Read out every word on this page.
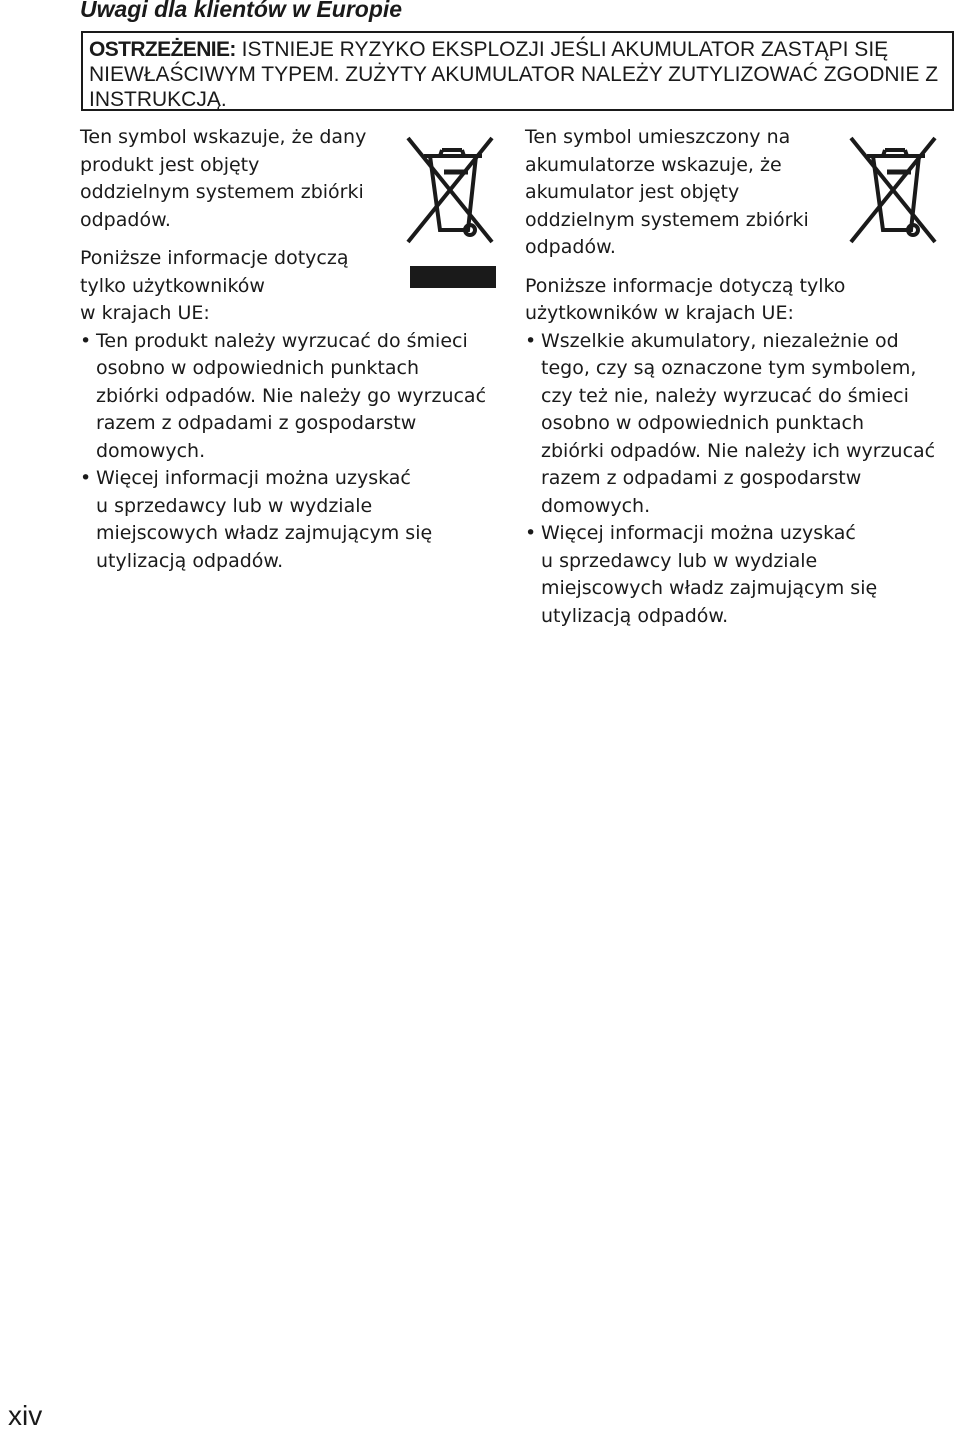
Uwagi dla klientów w Europie
OSTRZEŻENIE: ISTNIEJE RYZYKO EKSPLOZJI JEŚLI AKUMULATOR ZASTĄPI SIĘ NIEWŁAŚCIWYM TYPEM. ZUŻYTY AKUMULATOR NALEŻY ZUTYLIZOWAĆ ZGODNIE Z INSTRUKCJĄ.

Ten symbol wskazuje, że dany
produkt jest objęty
oddzielnym systemem zbiórki
odpadów.

Poniższe informacje dotyczą
tylko użytkowników
w krajach UE:

• Ten produkt należy wyrzucać do śmieci
osobno w odpowiednich punktach
zbiórki odpadów. Nie należy go wyrzucać
razem z odpadami z gospodarstw
domowych.
• Więcej informacji można uzyskać
u sprzedawcy lub w wydziale
miejscowych władz zajmującym się
utylizacją odpadów.

Ten symbol umieszczony na
akumulatorze wskazuje, że
akumulator jest objęty
oddzielnym systemem zbiórki
odpadów.

Poniższe informacje dotyczą tylko
użytkowników w krajach UE:

• Wszelkie akumulatory, niezależnie od
tego, czy są oznaczone tym symbolem,
czy też nie, należy wyrzucać do śmieci
osobno w odpowiednich punktach
zbiórki odpadów. Nie należy ich wyrzucać
razem z odpadami z gospodarstw
domowych.
• Więcej informacji można uzyskać
u sprzedawcy lub w wydziale
miejscowych władz zajmującym się
utylizacją odpadów.
xiv
